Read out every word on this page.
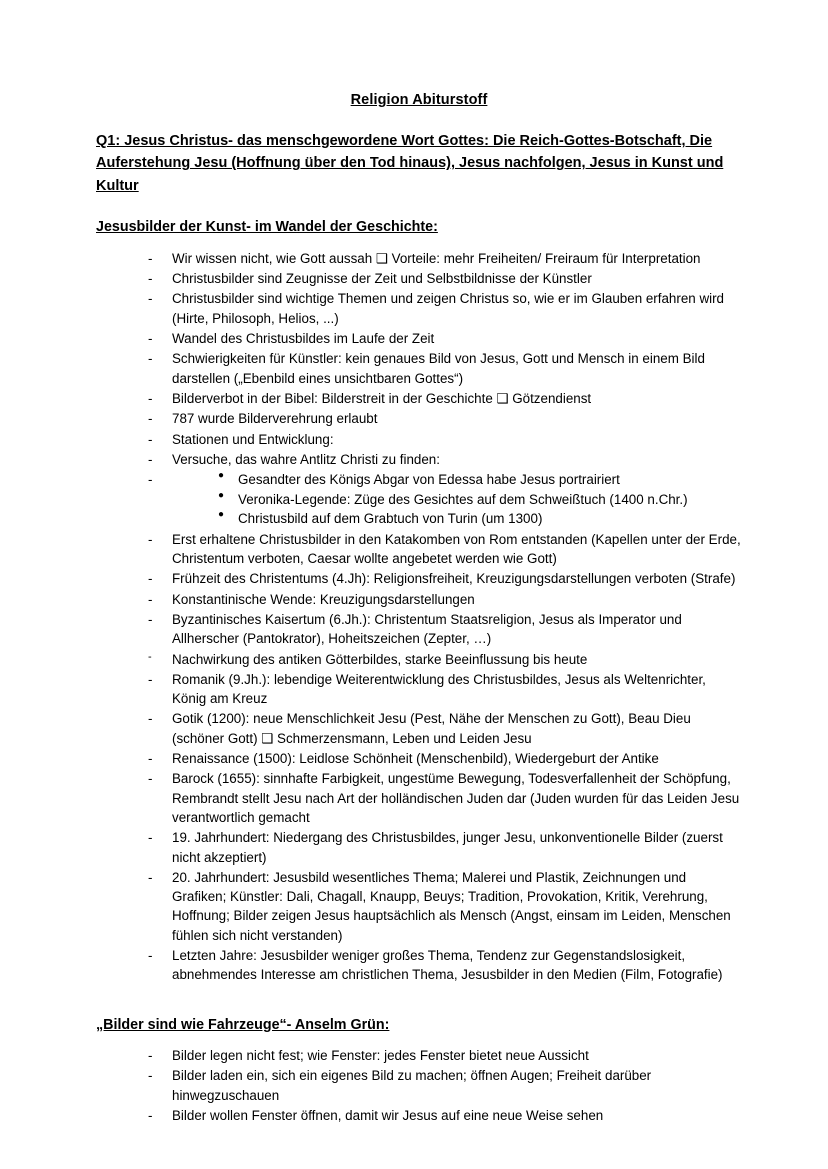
Religion Abiturstoff

Q1: Jesus Christus- das menschgewordene Wort Gottes: Die Reich-Gottes-Botschaft, Die Auferstehung Jesu (Hoffnung über den Tod hinaus), Jesus nachfolgen, Jesus in Kunst und Kultur

Jesusbilder der Kunst- im Wandel der Geschichte:
- Wir wissen nicht, wie Gott aussah ❑ Vorteile: mehr Freiheiten/ Freiraum für Interpretation
- Christusbilder sind Zeugnisse der Zeit und Selbstbildnisse der Künstler
- Christusbilder sind wichtige Themen und zeigen Christus so, wie er im Glauben erfahren wird (Hirte, Philosoph, Helios, ...)
- Wandel des Christusbildes im Laufe der Zeit
- Schwierigkeiten für Künstler: kein genaues Bild von Jesus, Gott und Mensch in einem Bild darstellen („Ebenbild eines unsichtbaren Gottes“)
- Bilderverbot in der Bibel: Bilderstreit in der Geschichte ❑ Götzendienst
- 787 wurde Bilderverehrung erlaubt
- Stationen und Entwicklung:
- Versuche, das wahre Antlitz Christi zu finden:
● - Gesandter des Königs Abgar von Edessa habe Jesus portrairiert
● Veronika-Legende: Züge des Gesichtes auf dem Schweißtuch (1400 n.Chr.)
● Christusbild auf dem Grabtuch von Turin (um 1300)
- Erst erhaltene Christusbilder in den Katakomben von Rom entstanden (Kapellen unter der Erde, Christentum verboten, Caesar wollte angebetet werden wie Gott)
- Frühzeit des Christentums (4.Jh): Religionsfreiheit, Kreuzigungsdarstellungen verboten (Strafe)
- Konstantinische Wende: Kreuzigungsdarstellungen
- Byzantinisches Kaisertum (6.Jh.): Christentum Staatsreligion, Jesus als Imperator und Allherscher (Pantokrator), Hoheitszeichen (Zepter, …)
- Nachwirkung des antiken Götterbildes, starke Beeinflussung bis heute
- Romanik (9.Jh.): lebendige Weiterentwicklung des Christusbildes, Jesus als Weltenrichter, König am Kreuz
- Gotik (1200): neue Menschlichkeit Jesu (Pest, Nähe der Menschen zu Gott), Beau Dieu (schöner Gott) ❑ Schmerzensmann, Leben und Leiden Jesu
- Renaissance (1500): Leidlose Schönheit (Menschenbild), Wiedergeburt der Antike
- Barock (1655): sinnhafte Farbigkeit, ungestüme Bewegung, Todesverfallenheit der Schöpfung, Rembrandt stellt Jesu nach Art der holländischen Juden dar (Juden wurden für das Leiden Jesu verantwortlich gemacht
- 19. Jahrhundert: Niedergang des Christusbildes, junger Jesu, unkonventionelle Bilder (zuerst nicht akzeptiert)
- 20. Jahrhundert: Jesusbild wesentliches Thema; Malerei und Plastik, Zeichnungen und Grafiken; Künstler: Dali, Chagall, Knaupp, Beuys; Tradition, Provokation, Kritik, Verehrung, Hoffnung; Bilder zeigen Jesus hauptsächlich als Mensch (Angst, einsam im Leiden, Menschen fühlen sich nicht verstanden)
- Letzten Jahre: Jesusbilder weniger großes Thema, Tendenz zur Gegenstandslosigkeit, abnehmendes Interesse am christlichen Thema, Jesusbilder in den Medien (Film, Fotografie)
„Bilder sind wie Fahrzeuge“- Anselm Grün:
- Bilder legen nicht fest; wie Fenster: jedes Fenster bietet neue Aussicht
- Bilder laden ein, sich ein eigenes Bild zu machen; öffnen Augen; Freiheit darüber hinwegzuschauen
- Bilder wollen Fenster öffnen, damit wir Jesus auf eine neue Weise sehen
